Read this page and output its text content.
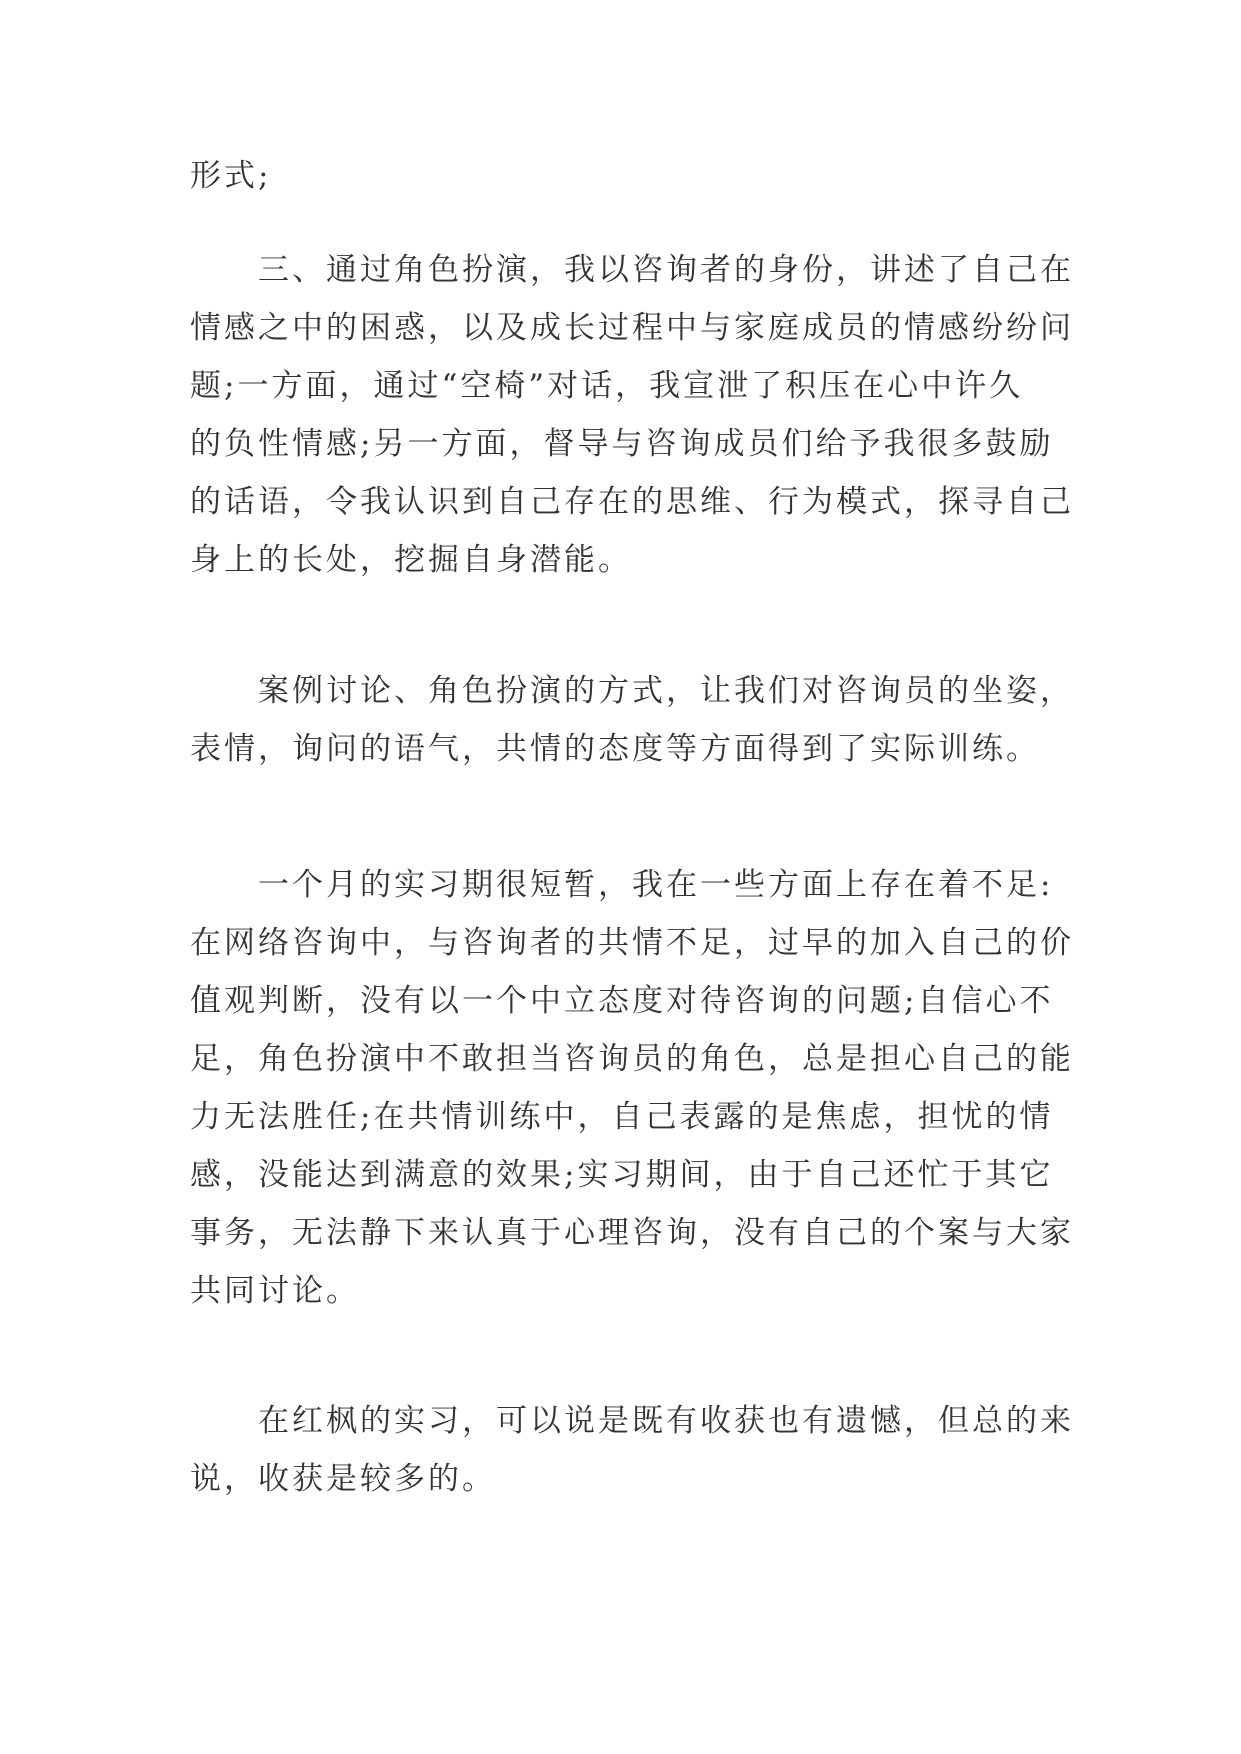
形式;
三、通过角色扮演，我以咨询者的身份，讲述了自己在
情感之中的困惑，以及成长过程中与家庭成员的情感纷纷问
题;一方面，通过“空椅”对话，我宣泄了积压在心中许久
的负性情感;另一方面，督导与咨询成员们给予我很多鼓励
的话语，令我认识到自己存在的思维、行为模式，探寻自己
身上的长处，挖掘自身潜能。
案例讨论、角色扮演的方式，让我们对咨询员的坐姿，
表情，询问的语气，共情的态度等方面得到了实际训练。
一个月的实习期很短暂，我在一些方面上存在着不足:
在网络咨询中，与咨询者的共情不足，过早的加入自己的价
值观判断，没有以一个中立态度对待咨询的问题;自信心不
足，角色扮演中不敢担当咨询员的角色，总是担心自己的能
力无法胜任;在共情训练中，自己表露的是焦虑，担忧的情
感，没能达到满意的效果;实习期间，由于自己还忙于其它
事务，无法静下来认真于心理咨询，没有自己的个案与大家
共同讨论。
在红枫的实习，可以说是既有收获也有遗憾，但总的来
说，收获是较多的。
